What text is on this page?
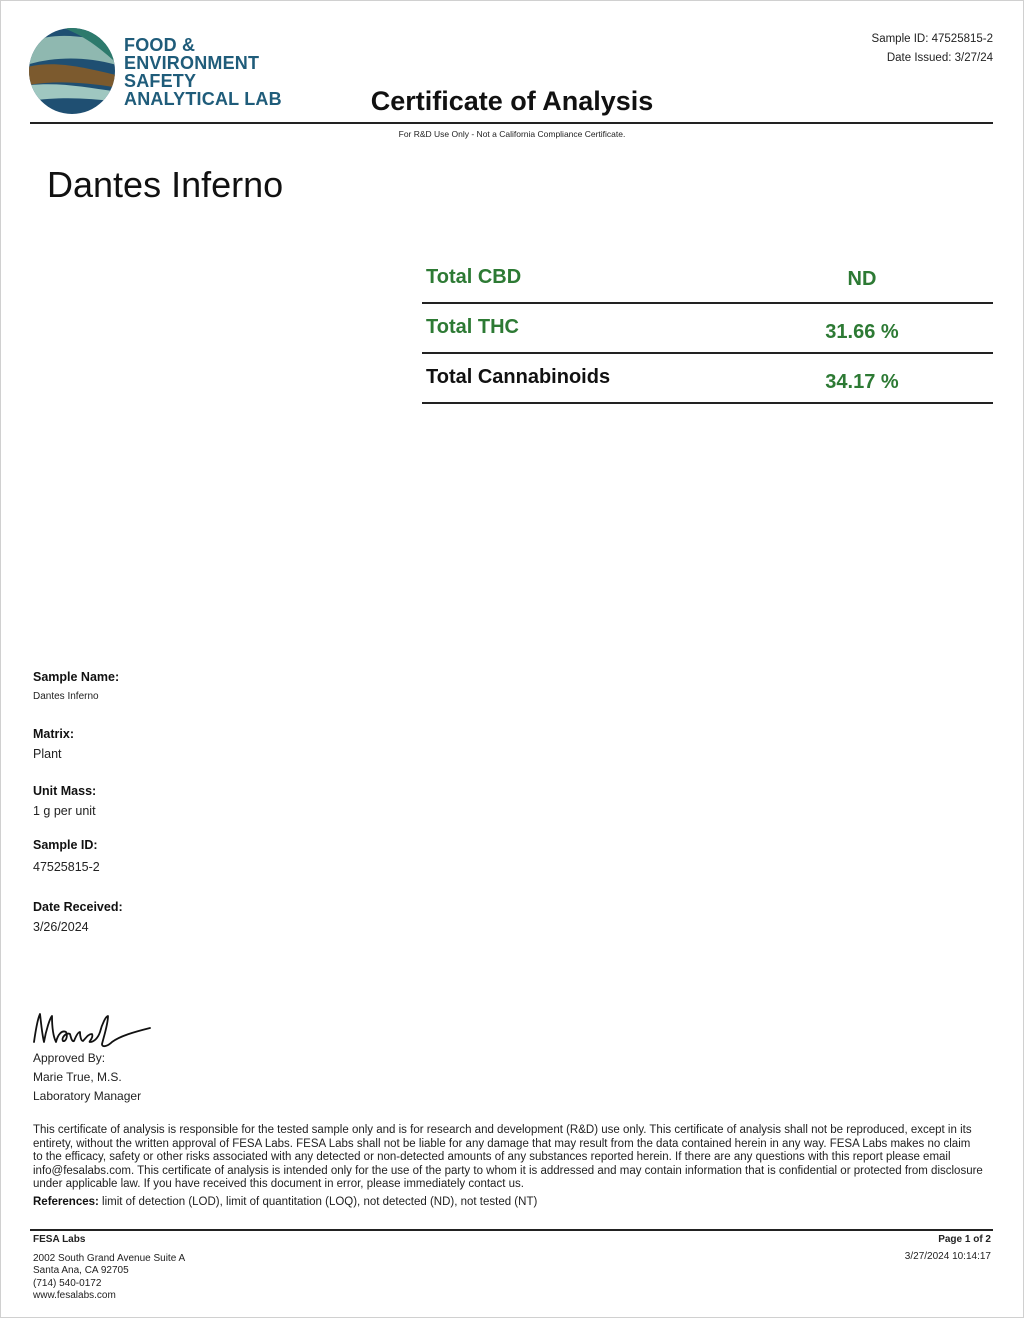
FOOD &
ENVIRONMENT
SAFETY
ANALYTICAL LAB
Sample ID: 47525815-2
Date Issued: 3/27/24
Certificate of Analysis
For R&D Use Only - Not a California Compliance Certificate.
Dantes Inferno
Total CBD	ND
Total THC	31.66 %
Total Cannabinoids	34.17 %
Sample Name:
Dantes Inferno
Matrix:
Plant
Unit Mass:
1 g per unit
Sample ID:
47525815-2
Date Received:
3/26/2024
Approved By:
Marie True, M.S.
Laboratory Manager
This certificate of analysis is responsible for the tested sample only and is for research and development (R&D) use only. This certificate of analysis shall not be reproduced, except in its entirety, without the written approval of FESA Labs. FESA Labs shall not be liable for any damage that may result from the data contained herein in any way. FESA Labs makes no claim to the efficacy, safety or other risks associated with any detected or non-detected amounts of any substances reported herein. If there are any questions with this report please email info@fesalabs.com. This certificate of analysis is intended only for the use of the party to whom it is addressed and may contain information that is confidential or protected from disclosure under applicable law. If you have received this document in error, please immediately contact us.
References: limit of detection (LOD), limit of quantitation (LOQ), not detected (ND), not tested (NT)
FESA Labs
2002 South Grand Avenue Suite A
Santa Ana, CA 92705
(714) 540-0172
www.fesalabs.com
Page 1 of 2
3/27/2024 10:14:17
